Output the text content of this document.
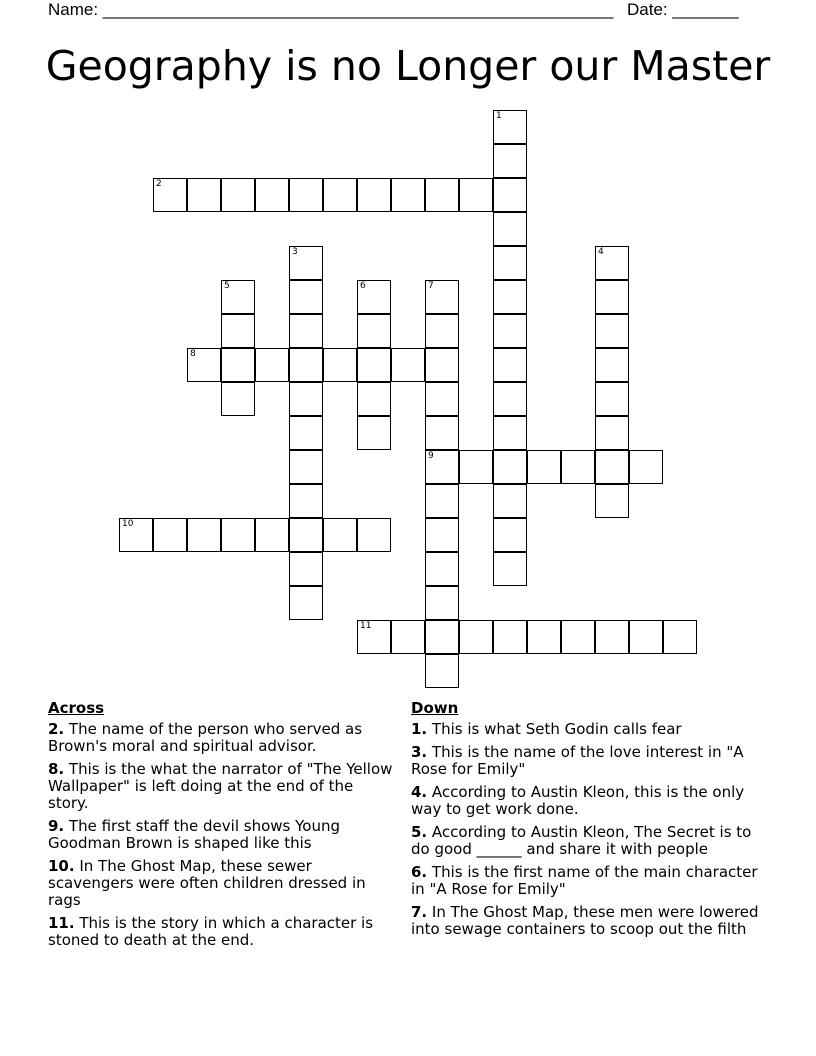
Name: ______________________________________________________ Date: _______
Geography is no Longer our Master
1
2
3	4
5	6	7
9
8
10
11
Across
2. The name of the person who served as Brown's moral and spiritual advisor.
8. This is the what the narrator of "The Yellow Wallpaper" is left doing at the end of the story.
9. The first staff the devil shows Young Goodman Brown is shaped like this
10. In The Ghost Map, these sewer scavengers were often children dressed in rags
11. This is the story in which a character is stoned to death at the end.
Down
1. This is what Seth Godin calls fear
3. This is the name of the love interest in "A Rose for Emily"
4. According to Austin Kleon, this is the only way to get work done.
5. According to Austin Kleon, The Secret is to do good ______ and share it with people
6. This is the first name of the main character in "A Rose for Emily"
7. In The Ghost Map, these men were lowered into sewage containers to scoop out the filth
